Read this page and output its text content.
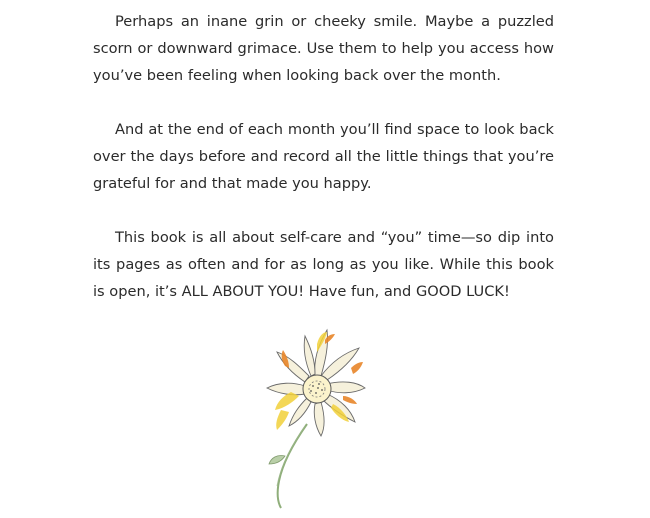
Perhaps an inane grin or cheeky smile. Maybe a puzzled scorn or downward grimace. Use them to help you access how you’ve been feeling when looking back over the month.

And at the end of each month you’ll find space to look back over the days before and record all the little things that you’re grateful for and that made you happy.

This book is all about self-care and “you” time—so dip into its pages as often and for as long as you like. While this book is open, it’s ALL ABOUT YOU! Have fun, and GOOD LUCK!
